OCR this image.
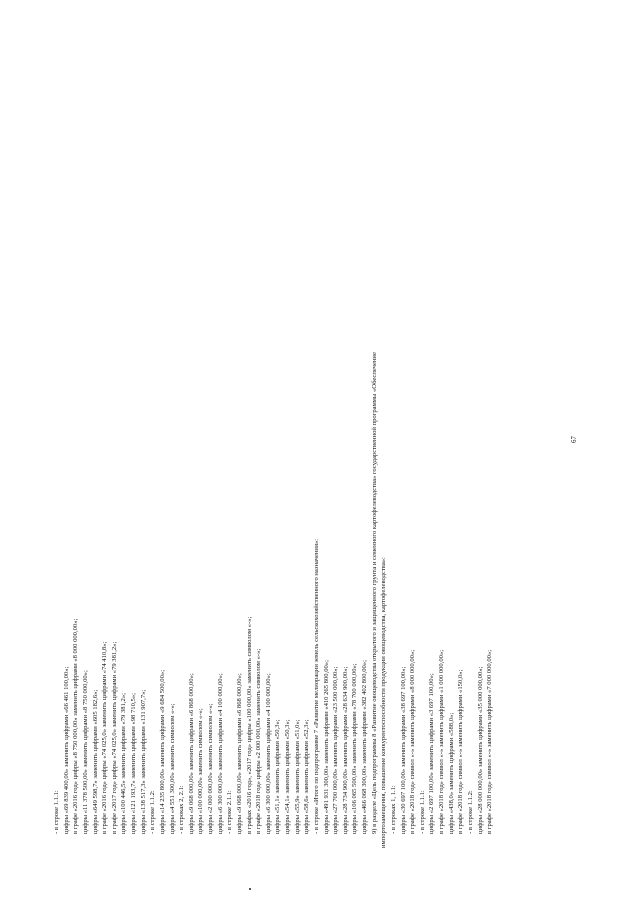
67
- в строке 1.1.1: цифры «69 839 400,00» заменить цифрами «66 461 100,00»; в графе «2016 год» цифры «8 750 000,00» заменить цифрами «8 000 000,00»; цифры «11 378 500,00» заменить цифрами «8 750 000,00»; цифры «649 598,7» заменить цифрами «605 182,6»; в графе «2016 год» цифры «74 025,0» заменить цифрами «74 410,8»; в графе «2017 год» цифры «74 025,0» заменить цифрами «79 381,2»; цифры «100 446,5» заменить цифрами «79 381,2»; цифры «121 193,7» заменить цифрами «98 710,5»; цифры «138 517,3» заменить цифрами «131 907,7»; - в строке 1.1.2: цифры «14 235 800,00» заменить цифрами «9 684 500,00»; цифры «4 551 300,00» заменить символом «-»; - в строках 2, 2.1: цифры «9 068 000,00» заменить цифрами «6 868 000,00»; цифры «100 000,00» заменить символом «-»; цифры «2 000 000,00» заменить символом «-»; цифры «6 300 000,00» заменить цифрами «4 100 000,00»; - в строке 2.1.1: цифры «9 068 000,00» заменить цифрами «6 868 000,00»; в графах «2016 год», «2017 год» цифры «100 000,00» заменить символом «-»; в графе «2018 год» цифры «2 000 000,00» заменить символом «-»; цифры «6 300 000,00» заменить цифрами «4 100 000,00»; цифры «51,1» заменить цифрами «50,3»; цифры «54,1» заменить цифрами «50,3»; цифры «55,9» заменить цифрами «51,0»; цифры «58,6» заменить цифрами «52,3»; - в строке «Итого по подпрограмме 7 «Развитие мелиорации земель сельскохозяйственного назначения»: цифры «491 931 300,00» заменить цифрами «410 265 800,00»; цифры «27 700 000,00» заменить цифрами «23 500 000,00»; цифры «28 734 900,00» заменить цифрами «28 634 900,00»; цифры «106 065 500,00» заменить цифрами «78 700 000,00»; цифры «466 068 300,00» заменить цифрами «382 402 800,00»; 9) в разделе «Цель подпрограммы 8 «Развитие овощеводства открытого и защищенного грунта и семенного картофелеводства» государственной программы «Обеспечение импортозамещения, повышение конкурентоспособности продукции овощеводства, картофелеводства»: - в строках 1, 1.1: цифры «30 697 100,00» заменить цифрами «38 697 100,00»; в графе «2018 год» символ «-» заменить цифрами «8 000 000,00»; - в строке 1.1.1: цифры «2 697 100,00» заменить цифрами «3 697 100,00»; в графе «2018 год» символ «-» заменить цифрами «1 000 000,00»; цифры «438,0» заменить цифрами «588,0»; в графе «2018 год» символ «-» заменить цифрами «150,0»; - в строке 1.1.2: цифры «28 000 000,00» заменить цифрами «35 000 000,00»; в графе «2018 год» символ «-» заменить цифрами «7 000 000,00»;
